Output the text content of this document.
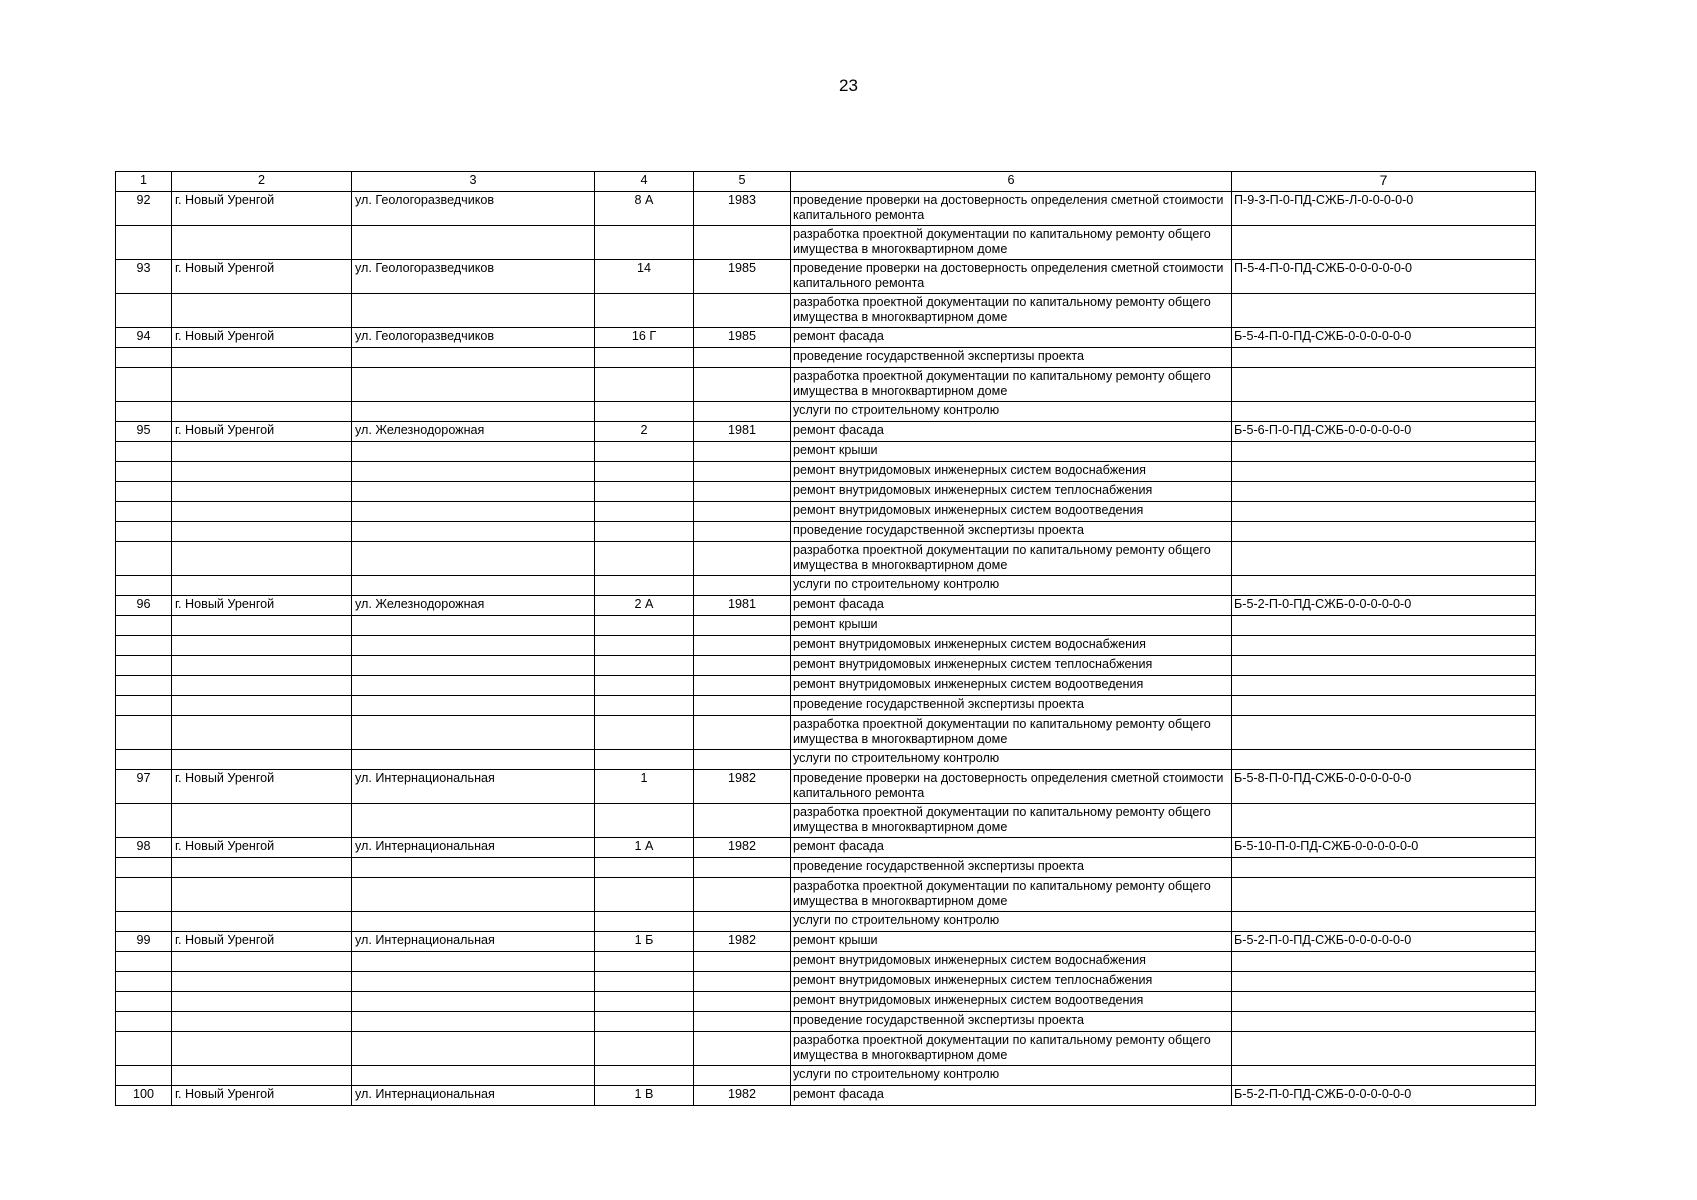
23
1	2	3	4	5	6	7
92	г. Новый Уренгой	ул. Геологоразведчиков	8 А	1983	проведение проверки на достоверность определения сметной стоимости капитального ремонта	П-9-3-П-0-ПД-СЖБ-Л-0-0-0-0-0
					разработка проектной документации по капитальному ремонту общего имущества в многоквартирном доме	
93	г. Новый Уренгой	ул. Геологоразведчиков	14	1985	проведение проверки на достоверность определения сметной стоимости капитального ремонта	П-5-4-П-0-ПД-СЖБ-0-0-0-0-0-0
					разработка проектной документации по капитальному ремонту общего имущества в многоквартирном доме	
94	г. Новый Уренгой	ул. Геологоразведчиков	16 Г	1985	ремонт фасада	Б-5-4-П-0-ПД-СЖБ-0-0-0-0-0-0
					проведение государственной экспертизы проекта	
					разработка проектной документации по капитальному ремонту общего имущества в многоквартирном доме	
					услуги по строительному контролю	
95	г. Новый Уренгой	ул. Железнодорожная	2	1981	ремонт фасада	Б-5-6-П-0-ПД-СЖБ-0-0-0-0-0-0
					ремонт крыши	
					ремонт внутридомовых инженерных систем водоснабжения	
					ремонт внутридомовых инженерных систем теплоснабжения	
					ремонт внутридомовых инженерных систем водоотведения	
					проведение государственной экспертизы проекта	
					разработка проектной документации по капитальному ремонту общего имущества в многоквартирном доме	
					услуги по строительному контролю	
96	г. Новый Уренгой	ул. Железнодорожная	2 А	1981	ремонт фасада	Б-5-2-П-0-ПД-СЖБ-0-0-0-0-0-0
					ремонт крыши	
					ремонт внутридомовых инженерных систем водоснабжения	
					ремонт внутридомовых инженерных систем теплоснабжения	
					ремонт внутридомовых инженерных систем водоотведения	
					проведение государственной экспертизы проекта	
					разработка проектной документации по капитальному ремонту общего имущества в многоквартирном доме	
					услуги по строительному контролю	
97	г. Новый Уренгой	ул. Интернациональная	1	1982	проведение проверки на достоверность определения сметной стоимости капитального ремонта	Б-5-8-П-0-ПД-СЖБ-0-0-0-0-0-0
					разработка проектной документации по капитальному ремонту общего имущества в многоквартирном доме	
98	г. Новый Уренгой	ул. Интернациональная	1 А	1982	ремонт фасада	Б-5-10-П-0-ПД-СЖБ-0-0-0-0-0-0
					проведение государственной экспертизы проекта	
					разработка проектной документации по капитальному ремонту общего имущества в многоквартирном доме	
					услуги по строительному контролю	
99	г. Новый Уренгой	ул. Интернациональная	1 Б	1982	ремонт крыши	Б-5-2-П-0-ПД-СЖБ-0-0-0-0-0-0
					ремонт внутридомовых инженерных систем водоснабжения	
					ремонт внутридомовых инженерных систем теплоснабжения	
					ремонт внутридомовых инженерных систем водоотведения	
					проведение государственной экспертизы проекта	
					разработка проектной документации по капитальному ремонту общего имущества в многоквартирном доме	
					услуги по строительному контролю	
100	г. Новый Уренгой	ул. Интернациональная	1 В	1982	ремонт фасада	Б-5-2-П-0-ПД-СЖБ-0-0-0-0-0-0
